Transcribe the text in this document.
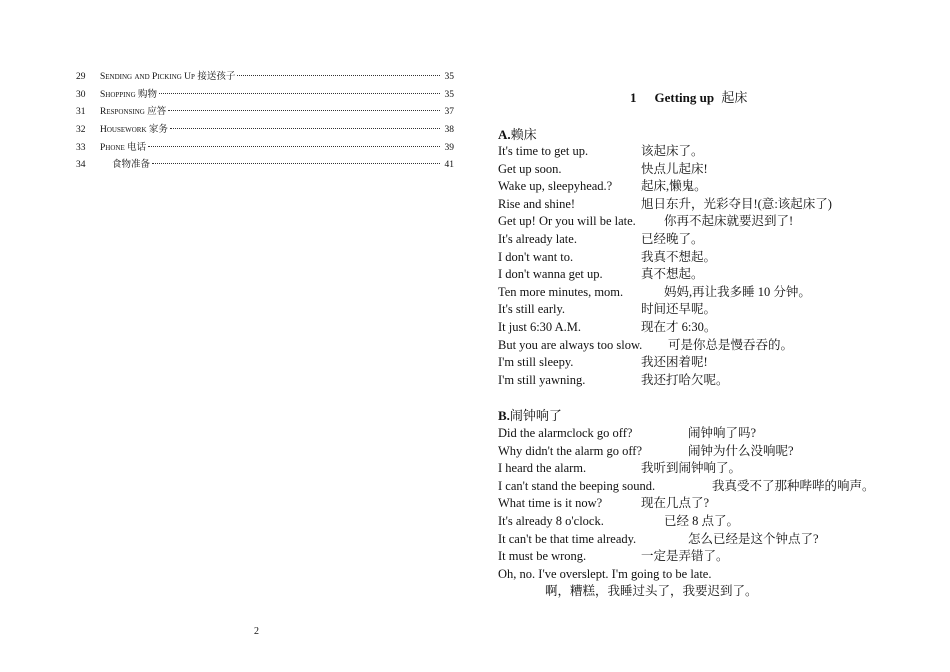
29	Sending and Picking Up 接送孩子	35
30	Shopping 购物	35
31	Responsing 应答	37
32	Housework 家务	38
33	Phone 电话	39
34	食物准备	41
2
1 Getting up 起床
A.赖床
It's time to get up.	该起床了。
Get up soon.	快点儿起床!
Wake up, sleepyhead.? 起床,懒鬼。
Rise and shine!	旭日东升，光彩夺目!(意:该起床了)
Get up! Or you will be late. 你再不起床就要迟到了!
It's already late.	已经晚了。
I don't want to.	我真不想起。
I don't wanna get up.	真不想起。
Ten more minutes, mom.	妈妈,再让我多睡 10 分钟。
It's still early.	时间还早呢。
It just 6:30 A.M.	现在才 6:30。
But you are always too slow. 可是你总是慢吞吞的。
I'm still sleepy.	我还困着呢!
I'm still yawning.	我还打哈欠呢。
B.闹钟响了
Did the alarmclock go off?	闹钟响了吗?
Why didn't the alarm go off?	闹钟为什么没响呢?
I heard the alarm.	我听到闹钟响了。
I can't stand the beeping sound.	我真受不了那种哔哔的响声。
What time is it now?	现在几点了?
It's already 8 o'clock.	已经 8 点了。
It can't be that time already.	怎么已经是这个钟点了?
It must be wrong.	一定是弄错了。
Oh, no. I've overslept. I'm going to be late.
啊，糟糕，我睡过头了，我要迟到了。
